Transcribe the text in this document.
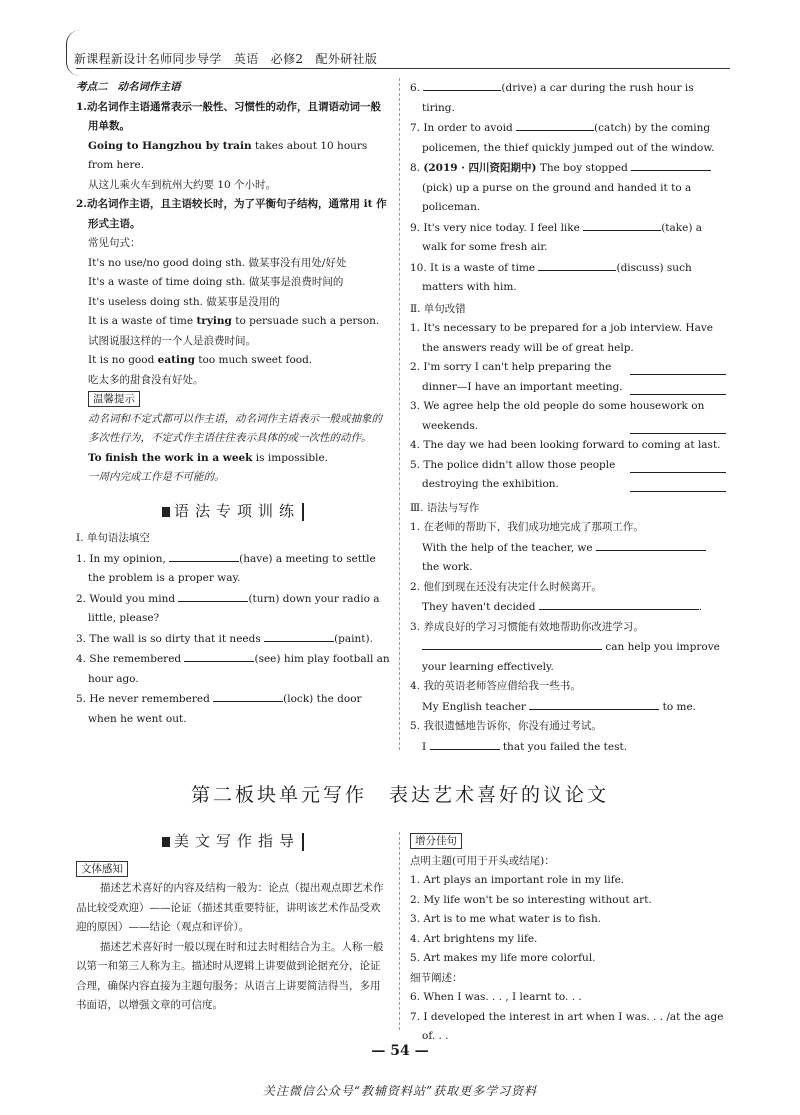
新课程新设计名师同步导学　英语　必修2　配外研社版

考点二 动名词作主语

1.动名词作主语通常表示一般性、习惯性的动作，且谓语动词一般用单数。

Going to Hangzhou by train takes about 10 hours from here.

从这儿乘火车到杭州大约要 10 个小时。

2.动名词作主语，且主语较长时，为了平衡句子结构，通常用 it 作形式主语。

常见句式：

It's no use/no good doing sth. 做某事没有用处/好处

It's a waste of time doing sth. 做某事是浪费时间的

It's useless doing sth. 做某事是没用的

It is a waste of time trying to persuade such a person.

试图说服这样的一个人是浪费时间。

It is no good eating too much sweet food.

吃太多的甜食没有好处。

温馨提示

动名词和不定式都可以作主语，动名词作主语表示一般或抽象的多次性行为，不定式作主语往往表示具体的或一次性的动作。

To finish the work in a week is impossible.

一周内完成工作是不可能的。

语法专项训练

Ⅰ. 单句语法填空

1. In my opinion,	(have) a meeting to settle the problem is a proper way.

2. Would you mind	(turn) down your radio a little, please?

3. The wall is so dirty that it needs	(paint).

4. She remembered	(see) him play football an hour ago.

5. He never remembered	(lock) the door when he went out.

6.	(drive) a car during the rush hour is tiring.

7. In order to avoid	(catch) by the coming policemen, the thief quickly jumped out of the window.

8. (2019 · 四川资阳期中) The boy stopped (pick) up a purse on the ground and handed it to a policeman.

9. It's very nice today. I feel like	(take) a walk for some fresh air.

10. It is a waste of time	(discuss) such matters with him.

Ⅱ. 单句改错

1. It's necessary to be prepared for a job interview. Have the answers ready will be of great help.

2. I'm sorry I can't help preparing the dinner—I have an important meeting.

3. We agree help the old people do some housework on weekends.

4. The day we had been looking forward to coming at last.

5. The police didn't allow those people destroying the exhibition.

Ⅲ. 语法与写作

1. 在老师的帮助下，我们成功地完成了那项工作。

With the help of the teacher, we  the work.

2. 他们到现在还没有决定什么时候离开。

They haven't decided	.

3. 养成良好的学习习惯能有效地帮助你改进学习。

can help you improve your learning effectively.

4. 我的英语老师答应借给我一些书。

My English teacher	to me.

5. 我很遗憾地告诉你，你没有通过考试。

I	that you failed the test.

第二板块单元写作　表达艺术喜好的议论文
美文写作指导

文体感知

描述艺术喜好的内容及结构一般为：论点（提出观点即艺术作品比较受欢迎）——论证（描述其重要特征，讲明该艺术作品受欢迎的原因）——结论（观点和评价）。

描述艺术喜好时一般以现在时和过去时相结合为主。人称一般以第一和第三人称为主。描述时从逻辑上讲要做到论据充分，论证合理，确保内容直接为主题句服务；从语言上讲要简洁得当，多用书面语，以增强文章的可信度。

增分佳句

点明主题(可用于开头或结尾)：

1. Art plays an important role in my life.

2. My life won't be so interesting without art.

3. Art is to me what water is to fish.

4. Art brightens my life.

5. Art makes my life more colorful.

细节阐述：

6. When I was. . . , I learnt to. . .

7. I developed the interest in art when I was. . . /at the age of. . .

— 54 —
关注微信公众号“教辅资料站”获取更多学习资料
